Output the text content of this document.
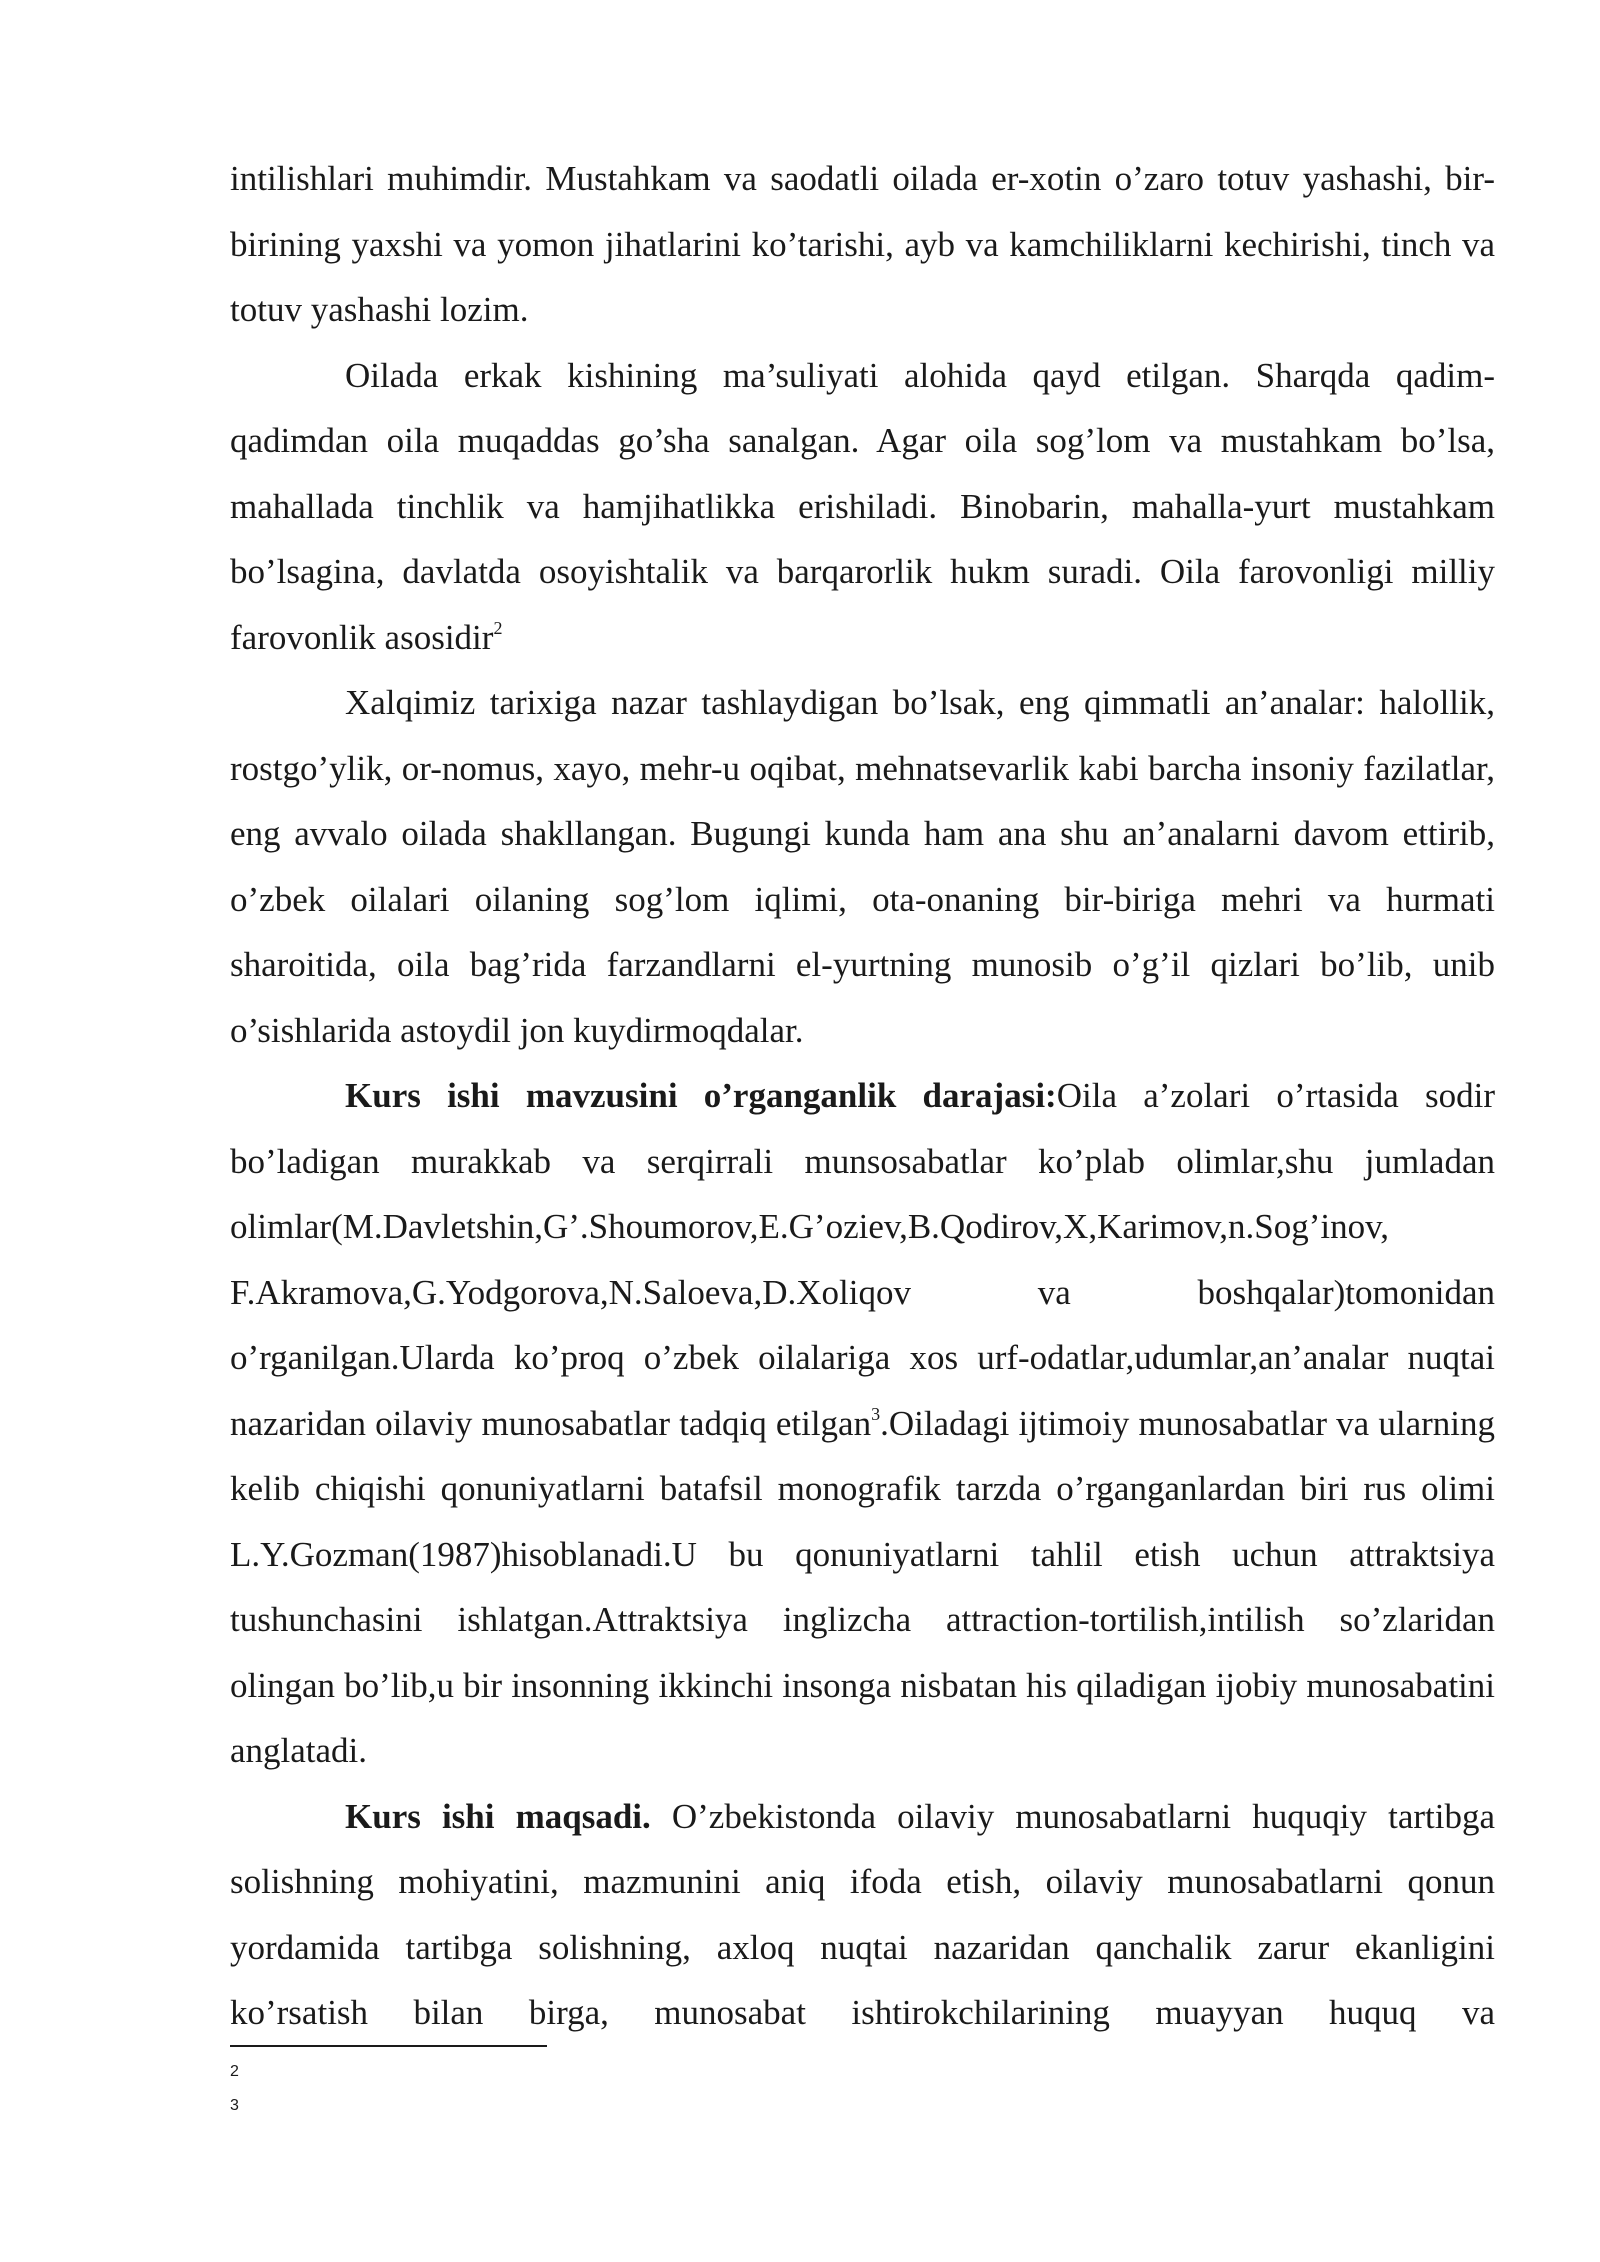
intilishlari muhimdir. Mustahkam va saodatli oilada er-xotin o’zaro totuv yashashi, bir-birining yaxshi va yomon jihatlarini ko’tarishi, ayb va kamchiliklarni kechirishi, tinch va totuv yashashi lozim.

Oilada erkak kishining ma’suliyati alohida qayd etilgan. Sharqda qadim-qadimdan oila muqaddas go’sha sanalgan. Agar oila sog’lom va mustahkam bo’lsa, mahallada tinchlik va hamjihatlikka erishiladi. Binobarin, mahalla-yurt mustahkam bo’lsagina, davlatda osoyishtalik va barqarorlik hukm suradi. Oila farovonligi milliy farovonlik asosidir$^2$

Xalqimiz tarixiga nazar tashlaydigan bo’lsak, eng qimmatli an’analar: halollik, rostgo’ylik, or-nomus, xayo, mehr-u oqibat, mehnatsevarlik kabi barcha insoniy fazilatlar, eng avvalo oilada shakllangan. Bugungi kunda ham ana shu an’analarni davom ettirib, o’zbek oilalari oilaning sog’lom iqlimi, ota-onaning bir-biriga mehri va hurmati sharoitida, oila bag’rida farzandlarni el-yurtning munosib o’g’il qizlari bo’lib, unib o’sishlarida astoydil jon kuydirmoqdalar.

Kurs ishi mavzusini o’rganganlik darajasi:Oila a’zolari o’rtasida sodir bo’ladigan murakkab va serqirrali munsosabatlar ko’plab olimlar,shu jumladan olimlar(M.Davletshin,G’.Shoumorov,E.G’oziev,B.Qodirov,X,Karimov,n.Sog’inov, F.Akramova,G.Yodgorova,N.Saloeva,D.Xoliqov va boshqalar)tomonidan o’rganilgan.Ularda ko’proq o’zbek oilalariga xos urf-odatlar,udumlar,an’analar nuqtai nazaridan oilaviy munosabatlar tadqiq etilgan$^3$.Oiladagi ijtimoiy munosabatlar va ularning kelib chiqishi qonuniyatlarni batafsil monografik tarzda o’rganganlardan biri rus olimi L.Y.Gozman(1987)hisoblanadi.U bu qonuniyatlarni tahlil etish uchun attraktsiya tushunchasini ishlatgan.Attraktsiya inglizcha attraction-tortilish,intilish so’zlaridan olingan bo’lib,u bir insonning ikkinchi insonga nisbatan his qiladigan ijobiy munosabatini anglatadi.

Kurs ishi maqsadi. O’zbekistonda oilaviy munosabatlarni huquqiy tartibga solishning mohiyatini, mazmunini aniq ifoda etish, oilaviy munosabatlarni qonun yordamida tartibga solishning, axloq nuqtai nazaridan qanchalik zarur ekanligini ko’rsatish bilan birga, munosabat ishtirokchilarining muayyan huquq va

2

3
